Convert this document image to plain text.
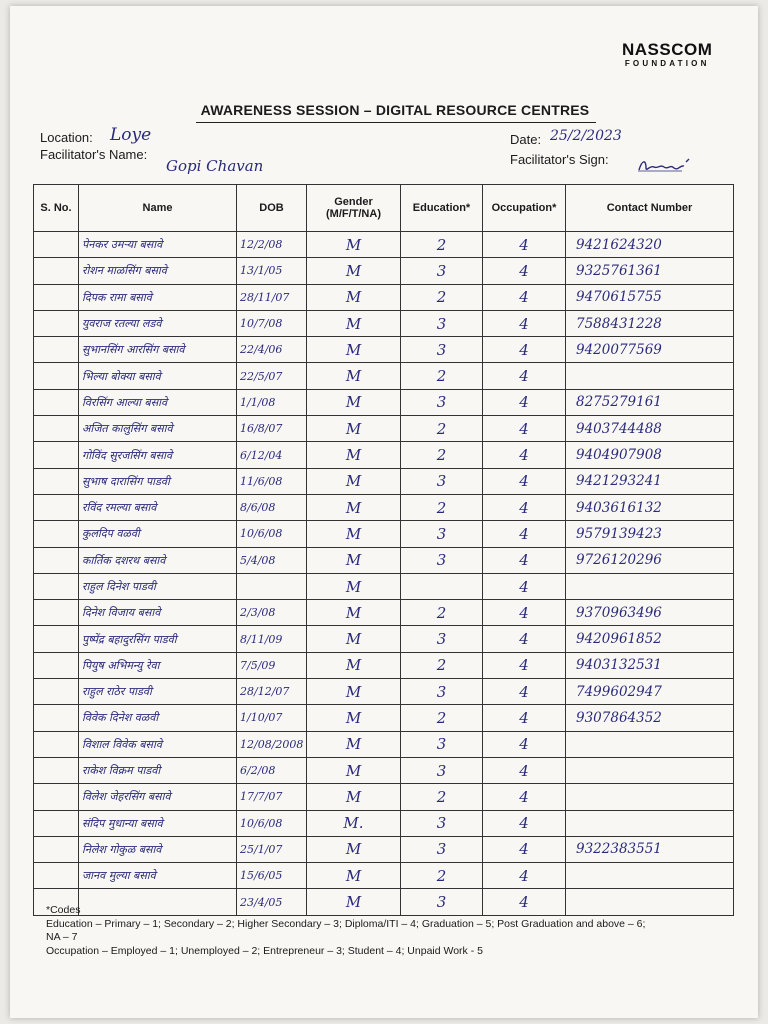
NASSCOM
FOUNDATION
AWARENESS SESSION – DIGITAL RESOURCE CENTRES
Location: Loye
Facilitator's Name:
Gopi Chavan
Date: 25/2/2023
Facilitator's Sign:
S. No.	Name	DOB	Gender (M/F/T/NA)	Education*	Occupation*	Contact Number
	पेनकर उमऱ्या बसावे	12/2/08	M	2	4	9421624320
	रोशन माळसिंग बसावे	13/1/05	M	3	4	9325761361
	दिपक रामा बसावे	28/11/07	M	2	4	9470615755
	युवराज रतल्या लडवे	10/7/08	M	3	4	7588431228
	सुभानसिंग आरसिंग बसावे	22/4/06	M	3	4	9420077569
	भिल्या बोक्या बसावे	22/5/07	M	2	4	
	विरसिंग आल्या बसावे	1/1/08	M	3	4	8275279161
	अजित कालुसिंग बसावे	16/8/07	M	2	4	9403744488
	गोविंद सुरजसिंग बसावे	6/12/04	M	2	4	9404907908
	सुभाष दारासिंग पाडवी	11/6/08	M	3	4	9421293241
	रविंद रमल्या बसावे	8/6/08	M	2	4	9403616132
	कुलदिप वळवी	10/6/08	M	3	4	9579139423
	कार्तिक दशरथ बसावे	5/4/08	M	3	4	9726120296
	राहुल दिनेश पाडवी		M		4	
	दिनेश विजाय बसावे	2/3/08	M	2	4	9370963496
	पुष्पेंद्र बहादुरसिंग पाडवी	8/11/09	M	3	4	9420961852
	पियुष अभिमन्यु रेवा	7/5/09	M	2	4	9403132531
	राहुल राठेर पाडवी	28/12/07	M	3	4	7499602947
	विवेक दिनेश वळवी	1/10/07	M	2	4	9307864352
	विशाल विवेक बसावे	12/08/2008	M	3	4	
	राकेश विक्रम पाडवी	6/2/08	M	3	4	
	विलेश जेहरसिंग बसावे	17/7/07	M	2	4	
	संदिप मुधान्या बसावे	10/6/08	M.	3	4	
	निलेश गोकुळ बसावे	25/1/07	M	3	4	9322383551
	जानव मुल्या बसावे	15/6/05	M	2	4	
		23/4/05	M	3	4	

*Codes

Education – Primary – 1; Secondary – 2; Higher Secondary – 3; Diploma/ITI – 4; Graduation – 5; Post Graduation and above – 6; NA – 7

Occupation – Employed – 1; Unemployed – 2; Entrepreneur – 3; Student – 4; Unpaid Work - 5
